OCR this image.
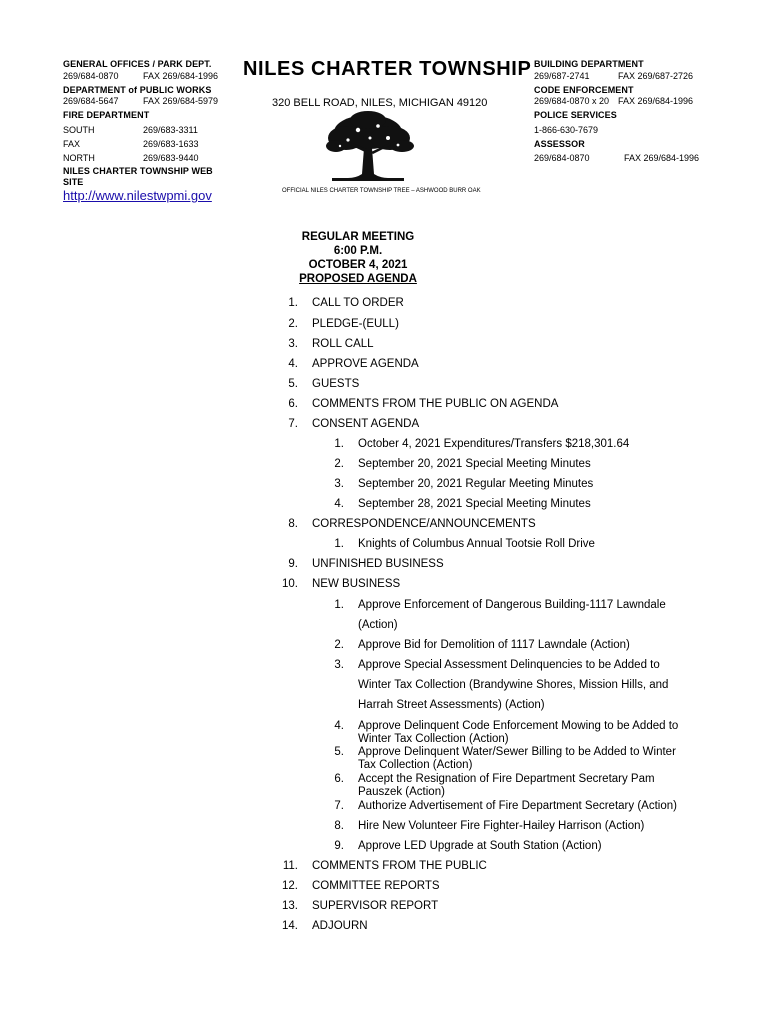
GENERAL OFFICES / PARK DEPT.
269/684-0870	FAX 269/684-1996
DEPARTMENT of PUBLIC WORKS
269/684-5647	FAX 269/684-5979
FIRE DEPARTMENT
SOUTH	269/683-3311
FAX	269/683-1633
NORTH	269/683-9440
NILES CHARTER TOWNSHIP WEB
SITE
http://www.nilestwpmi.gov
NILES CHARTER TOWNSHIP
320 BELL ROAD, NILES, MICHIGAN 49120
OFFICIAL NILES CHARTER TOWNSHIP TREE – ASHWOOD BURR OAK
BUILDING DEPARTMENT
269/687-2741	FAX 269/687-2726
CODE ENFORCEMENT
269/684-0870 x 20 FAX 269/684-1996
POLICE SERVICES
1-866-630-7679
ASSESSOR
269/684-0870	FAX 269/684-1996
REGULAR MEETING
6:00 P.M.
OCTOBER 4, 2021
PROPOSED AGENDA
1. CALL TO ORDER
2. PLEDGE-(EULL)
3. ROLL CALL
4. APPROVE AGENDA
5. GUESTS
6. COMMENTS FROM THE PUBLIC ON AGENDA
7. CONSENT AGENDA
1. October 4, 2021 Expenditures/Transfers $218,301.64
2. September 20, 2021 Special Meeting Minutes
3. September 20, 2021 Regular Meeting Minutes
4. September 28, 2021 Special Meeting Minutes
8. CORRESPONDENCE/ANNOUNCEMENTS
1. Knights of Columbus Annual Tootsie Roll Drive
9. UNFINISHED BUSINESS
10. NEW BUSINESS
1. Approve Enforcement of Dangerous Building-1117 Lawndale
(Action)
2. Approve Bid for Demolition of 1117 Lawndale (Action)
3. Approve Special Assessment Delinquencies to be Added to
Winter Tax Collection (Brandywine Shores, Mission Hills, and
Harrah Street Assessments) (Action)
4. Approve Delinquent Code Enforcement Mowing to be Added to
Winter Tax Collection (Action)
5. Approve Delinquent Water/Sewer Billing to be Added to Winter
Tax Collection (Action)
6. Accept the Resignation of Fire Department Secretary Pam
Pauszek (Action)
7. Authorize Advertisement of Fire Department Secretary (Action)
8. Hire New Volunteer Fire Fighter-Hailey Harrison (Action)
9. Approve LED Upgrade at South Station (Action)
11. COMMENTS FROM THE PUBLIC
12. COMMITTEE REPORTS
13. SUPERVISOR REPORT
14. ADJOURN
